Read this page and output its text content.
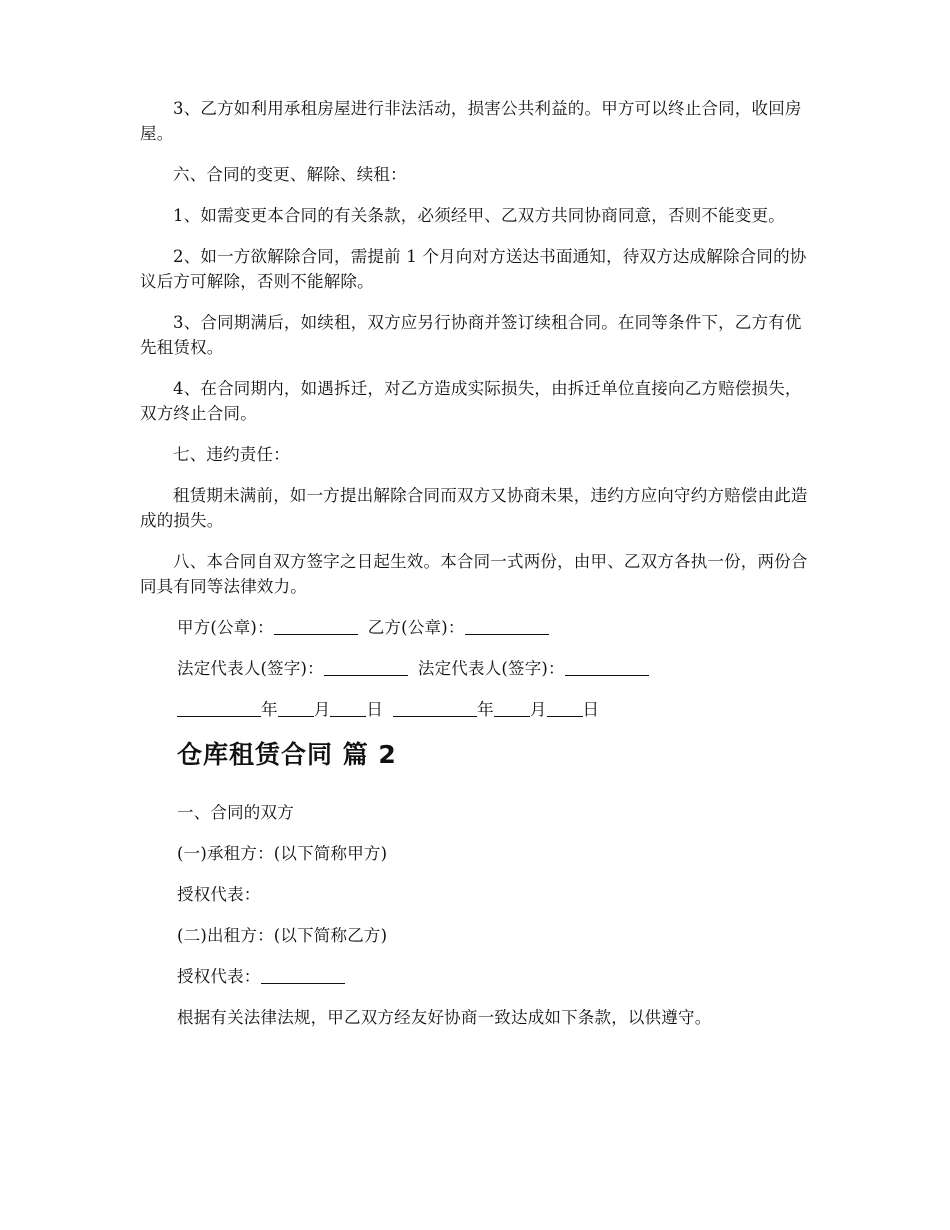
3、乙方如利用承租房屋进行非法活动，损害公共利益的。甲方可以终止合同，收回房屋。

六、合同的变更、解除、续租：

1、如需变更本合同的有关条款，必须经甲、乙双方共同协商同意，否则不能变更。

2、如一方欲解除合同，需提前 1 个月向对方送达书面通知，待双方达成解除合同的协议后方可解除，否则不能解除。

3、合同期满后，如续租，双方应另行协商并签订续租合同。在同等条件下，乙方有优先租赁权。

4、在合同期内，如遇拆迁，对乙方造成实际损失，由拆迁单位直接向乙方赔偿损失，双方终止合同。

七、违约责任：

租赁期未满前，如一方提出解除合同而双方又协商未果，违约方应向守约方赔偿由此造成的损失。

八、本合同自双方签字之日起生效。本合同一式两份，由甲、乙双方各执一份，两份合同具有同等法律效力。

甲方(公章)：	乙方(公章)：
法定代表人(签字)：	法定代表人(签字)：
年 月 日	年 月 日
仓库租赁合同 篇 2
一、合同的双方
(一)承租方：(以下简称甲方)
授权代表：
(二)出租方：(以下简称乙方)
授权代表：
根据有关法律法规，甲乙双方经友好协商一致达成如下条款，以供遵守。
